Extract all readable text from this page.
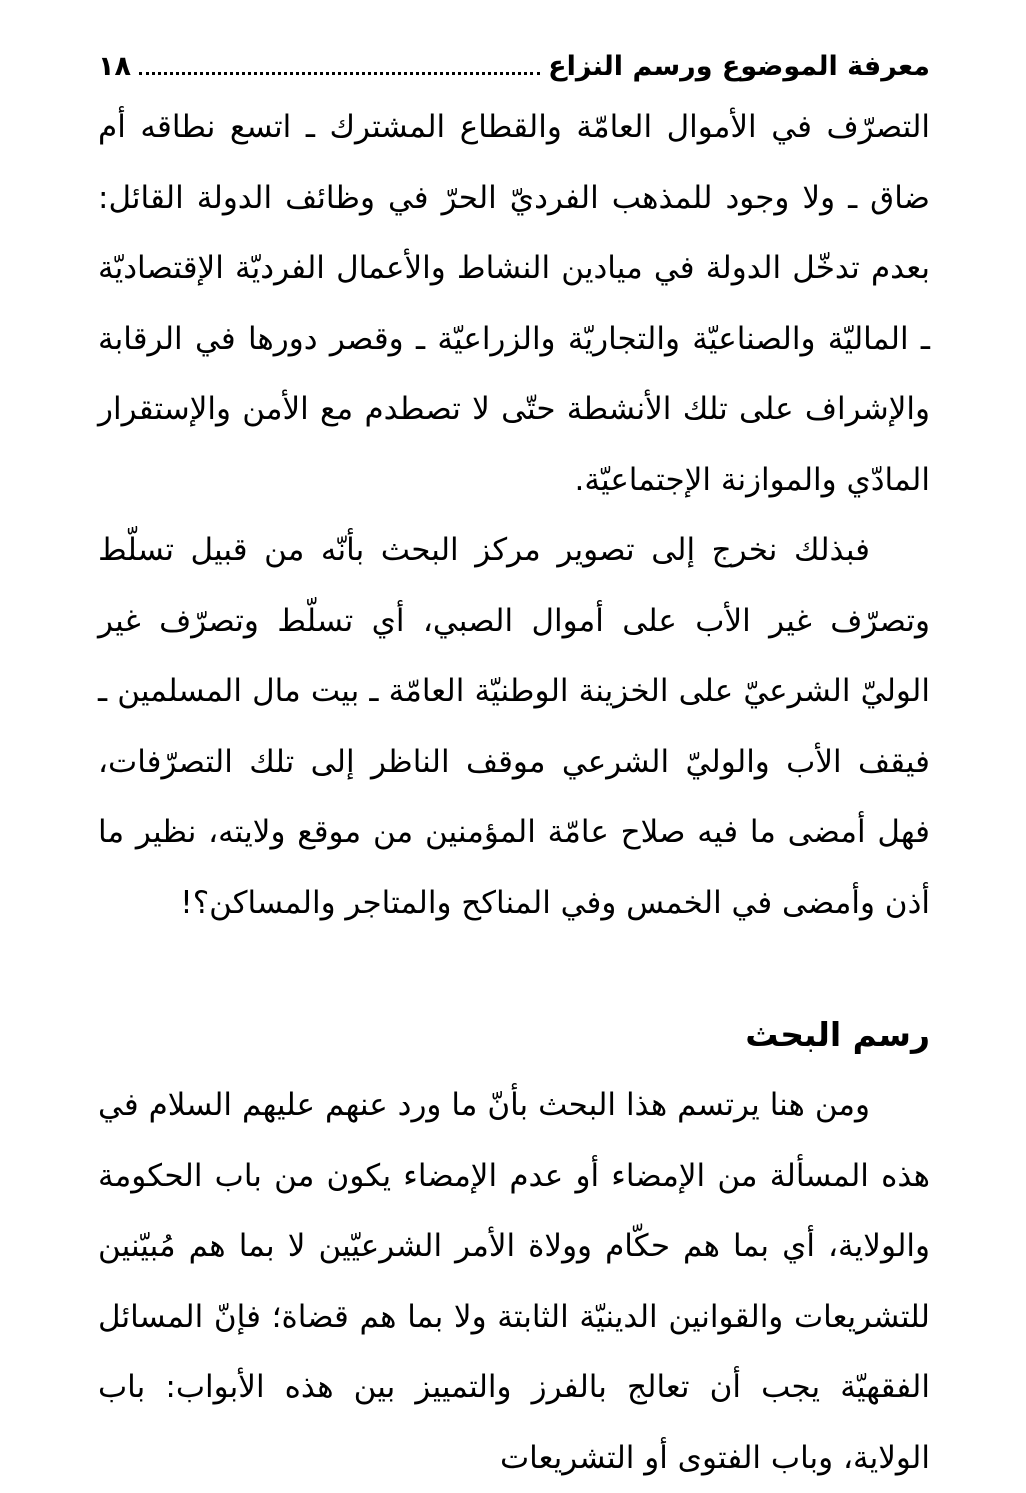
معرفة الموضوع ورسم النزاع
١٨

التصرّف في الأموال العامّة والقطاع المشترك ـ اتسع نطاقه أم ضاق ـ ولا وجود للمذهب الفرديّ الحرّ في وظائف الدولة القائل: بعدم تدخّل الدولة في ميادين النشاط والأعمال الفرديّة الإقتصاديّة ـ الماليّة والصناعيّة والتجاريّة والزراعيّة ـ وقصر دورها في الرقابة والإشراف على تلك الأنشطة حتّى لا تصطدم مع الأمن والإستقرار المادّي والموازنة الإجتماعيّة.

فبذلك نخرج إلى تصوير مركز البحث بأنّه من قبيل تسلّط وتصرّف غير الأب على أموال الصبي، أي تسلّط وتصرّف غير الوليّ الشرعيّ على الخزينة الوطنيّة العامّة ـ بيت مال المسلمين ـ فيقف الأب والوليّ الشرعي موقف الناظر إلى تلك التصرّفات، فهل أمضى ما فيه صلاح عامّة المؤمنين من موقع ولايته، نظير ما أذن وأمضى في الخمس وفي المناكح والمتاجر والمساكن؟!

رسم البحث

ومن هنا يرتسم هذا البحث بأنّ ما ورد عنهم عليهم السلام في هذه المسألة من الإمضاء أو عدم الإمضاء يكون من باب الحكومة والولاية، أي بما هم حكّام وولاة الأمر الشرعيّين لا بما هم مُبيّنين للتشريعات والقوانين الدينيّة الثابتة ولا بما هم قضاة؛ فإنّ المسائل الفقهيّة يجب أن تعالج بالفرز والتمييز بين هذه الأبواب: باب الولاية، وباب الفتوى أو التشريعات
